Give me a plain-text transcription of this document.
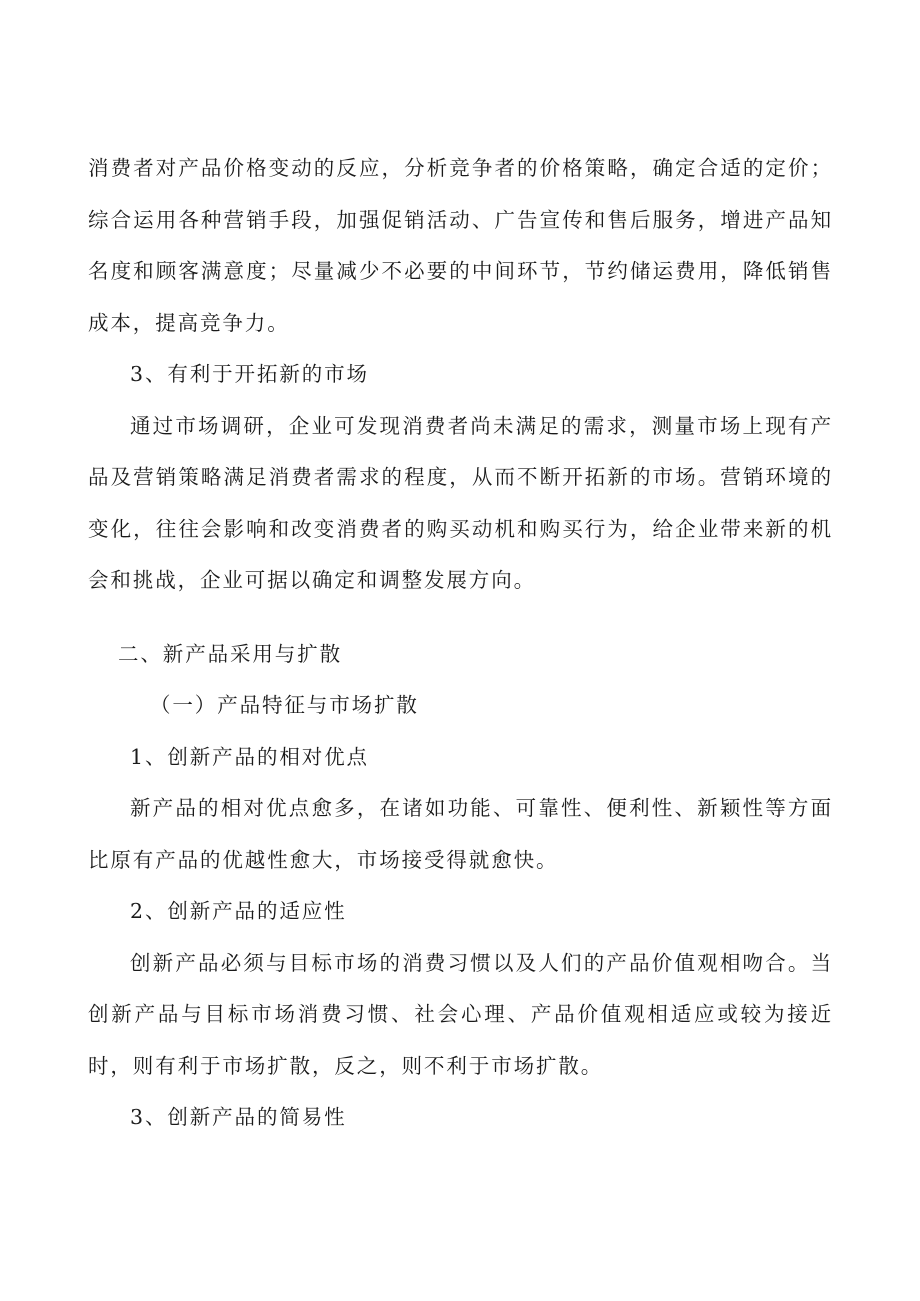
消费者对产品价格变动的反应，分析竞争者的价格策略，确定合适的定价；综合运用各种营销手段，加强促销活动、广告宣传和售后服务，增进产品知名度和顾客满意度；尽量减少不必要的中间环节，节约储运费用，降低销售成本，提高竞争力。

3、有利于开拓新的市场

通过市场调研，企业可发现消费者尚未满足的需求，测量市场上现有产品及营销策略满足消费者需求的程度，从而不断开拓新的市场。营销环境的变化，往往会影响和改变消费者的购买动机和购买行为，给企业带来新的机会和挑战，企业可据以确定和调整发展方向。

二、新产品采用与扩散

（一）产品特征与市场扩散

1、创新产品的相对优点

新产品的相对优点愈多，在诸如功能、可靠性、便利性、新颖性等方面比原有产品的优越性愈大，市场接受得就愈快。

2、创新产品的适应性

创新产品必须与目标市场的消费习惯以及人们的产品价值观相吻合。当创新产品与目标市场消费习惯、社会心理、产品价值观相适应或较为接近时，则有利于市场扩散，反之，则不利于市场扩散。

3、创新产品的简易性
